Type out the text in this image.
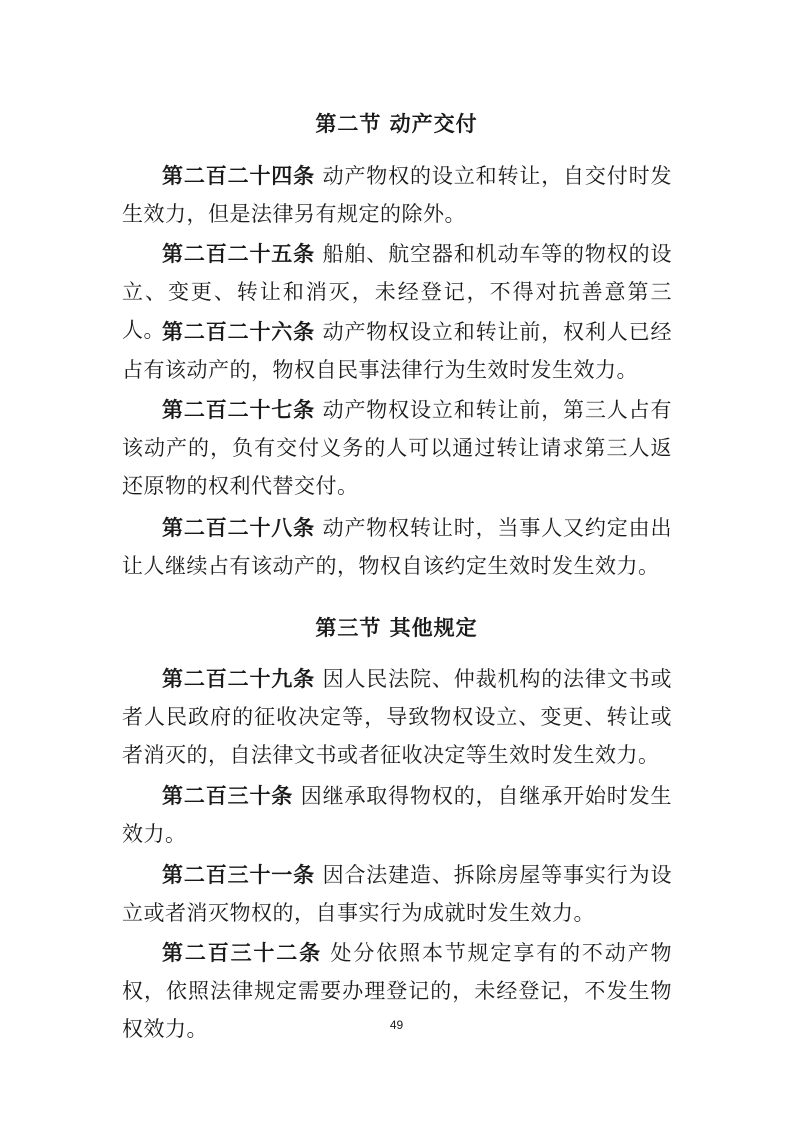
第二节 动产交付

第二百二十四条 动产物权的设立和转让，自交付时发生效力，但是法律另有规定的除外。

第二百二十五条 船舶、航空器和机动车等的物权的设立、变更、转让和消灭，未经登记，不得对抗善意第三人。

第二百二十六条 动产物权设立和转让前，权利人已经占有该动产的，物权自民事法律行为生效时发生效力。

第二百二十七条 动产物权设立和转让前，第三人占有该动产的，负有交付义务的人可以通过转让请求第三人返还原物的权利代替交付。

第二百二十八条 动产物权转让时，当事人又约定由出让人继续占有该动产的，物权自该约定生效时发生效力。

第三节 其他规定

第二百二十九条 因人民法院、仲裁机构的法律文书或者人民政府的征收决定等，导致物权设立、变更、转让或者消灭的，自法律文书或者征收决定等生效时发生效力。

第二百三十条 因继承取得物权的，自继承开始时发生效力。

第二百三十一条 因合法建造、拆除房屋等事实行为设立或者消灭物权的，自事实行为成就时发生效力。

第二百三十二条 处分依照本节规定享有的不动产物权，依照法律规定需要办理登记的，未经登记，不发生物权效力。	49
